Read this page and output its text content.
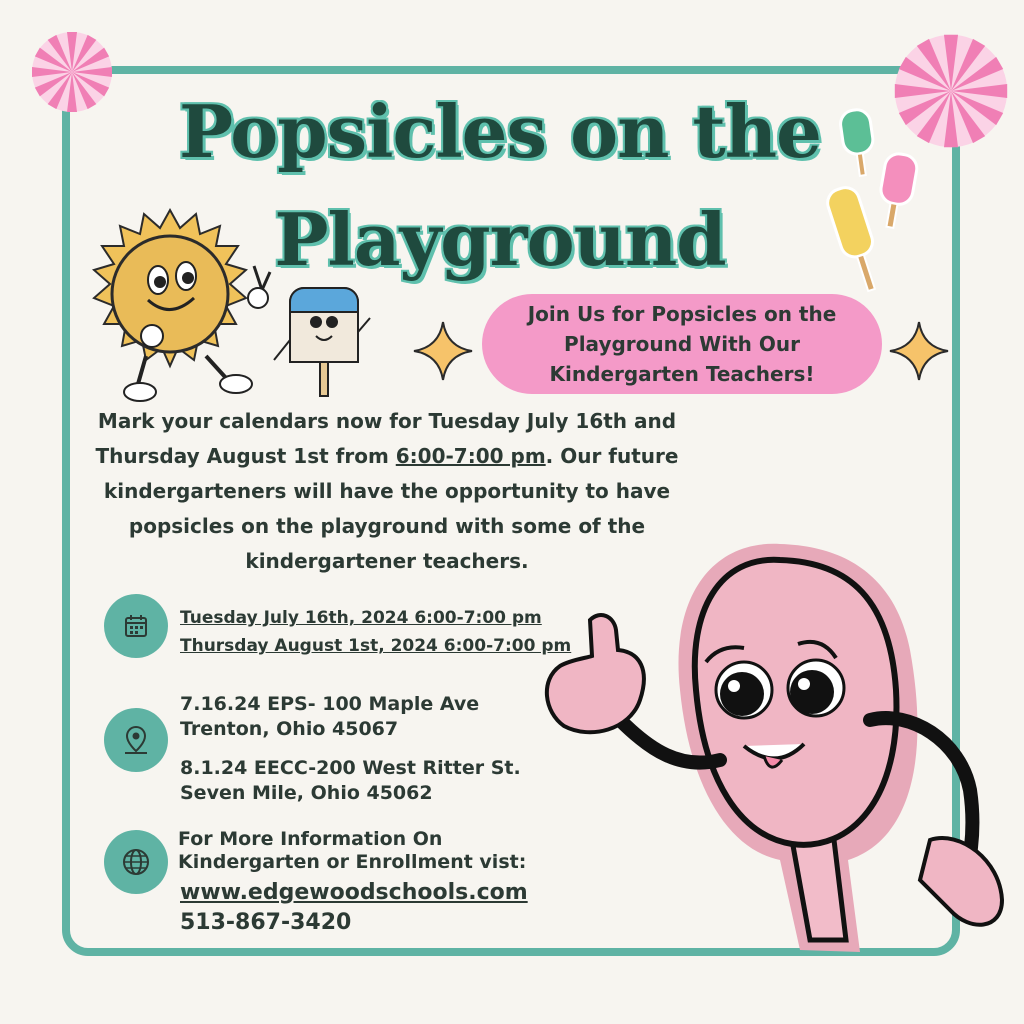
Popsicles on the Playground
Join Us for Popsicles on the Playground With Our Kindergarten Teachers!
Mark your calendars now for Tuesday July 16th and Thursday August 1st from 6:00-7:00 pm. Our future kindergarteners will have the opportunity to have popsicles on the playground with some of the kindergartener teachers.
Tuesday July 16th, 2024 6:00-7:00 pm
Thursday August 1st, 2024 6:00-7:00 pm
7.16.24 EPS- 100 Maple Ave
Trenton, Ohio 45067
8.1.24 EECC-200 West Ritter St.
Seven Mile, Ohio 45062
For More Information On
Kindergarten or Enrollment vist:
www.edgewoodschools.com
513-867-3420
